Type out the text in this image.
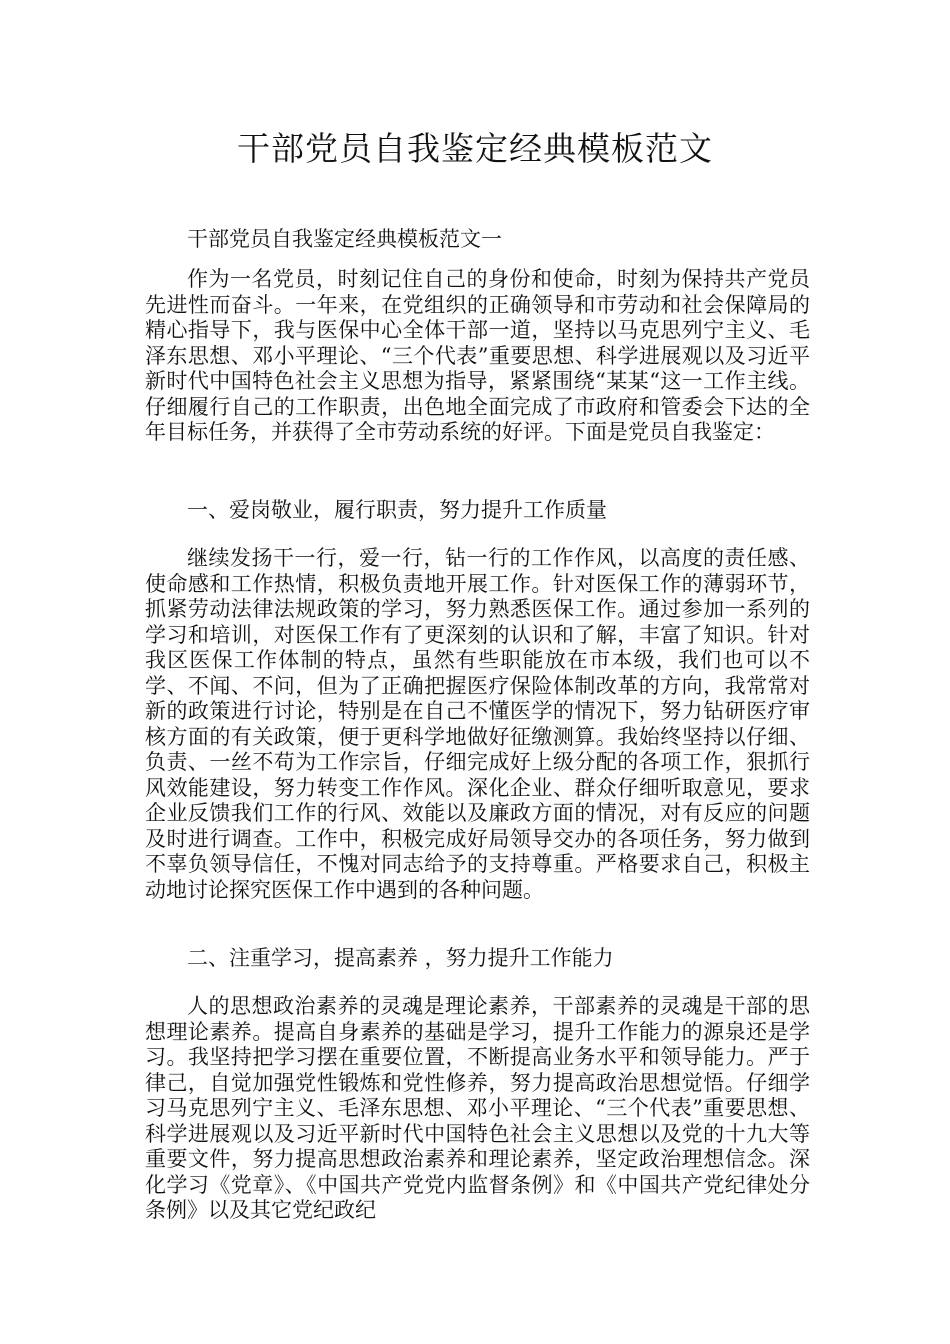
干部党员自我鉴定经典模板范文

干部党员自我鉴定经典模板范文一

作为一名党员，时刻记住自己的身份和使命，时刻为保持共产党员先进性而奋斗。一年来，在党组织的正确领导和市劳动和社会保障局的精心指导下，我与医保中心全体干部一道，坚持以马克思列宁主义、毛泽东思想、邓小平理论、“三个代表”重要思想、科学进展观以及习近平新时代中国特色社会主义思想为指导，紧紧围绕“某某“这一工作主线。仔细履行自己的工作职责，出色地全面完成了市政府和管委会下达的全年目标任务，并获得了全市劳动系统的好评。下面是党员自我鉴定：

一、爱岗敬业，履行职责，努力提升工作质量

继续发扬干一行，爱一行，钻一行的工作作风，以高度的责任感、使命感和工作热情，积极负责地开展工作。针对医保工作的薄弱环节，抓紧劳动法律法规政策的学习，努力熟悉医保工作。通过参加一系列的学习和培训，对医保工作有了更深刻的认识和了解，丰富了知识。针对我区医保工作体制的特点，虽然有些职能放在市本级，我们也可以不学、不闻、不问，但为了正确把握医疗保险体制改革的方向，我常常对新的政策进行讨论，特别是在自己不懂医学的情况下，努力钻研医疗审核方面的有关政策，便于更科学地做好征缴测算。我始终坚持以仔细、负责、一丝不苟为工作宗旨，仔细完成好上级分配的各项工作，狠抓行风效能建设，努力转变工作作风。深化企业、群众仔细听取意见，要求企业反馈我们工作的行风、效能以及廉政方面的情况，对有反应的问题及时进行调查。工作中，积极完成好局领导交办的各项任务，努力做到不辜负领导信任，不愧对同志给予的支持尊重。严格要求自己，积极主动地讨论探究医保工作中遇到的各种问题。

二、注重学习，提高素养 ，努力提升工作能力

人的思想政治素养的灵魂是理论素养，干部素养的灵魂是干部的思想理论素养。提高自身素养的基础是学习，提升工作能力的源泉还是学习。我坚持把学习摆在重要位置，不断提高业务水平和领导能力。严于律己，自觉加强党性锻炼和党性修养，努力提高政治思想觉悟。仔细学习马克思列宁主义、毛泽东思想、邓小平理论、“三个代表”重要思想、科学进展观以及习近平新时代中国特色社会主义思想以及党的十九大等重要文件，努力提高思想政治素养和理论素养，坚定政治理想信念。深化学习《党章》、《中国共产党党内监督条例》和《中国共产党纪律处分条例》以及其它党纪政纪
